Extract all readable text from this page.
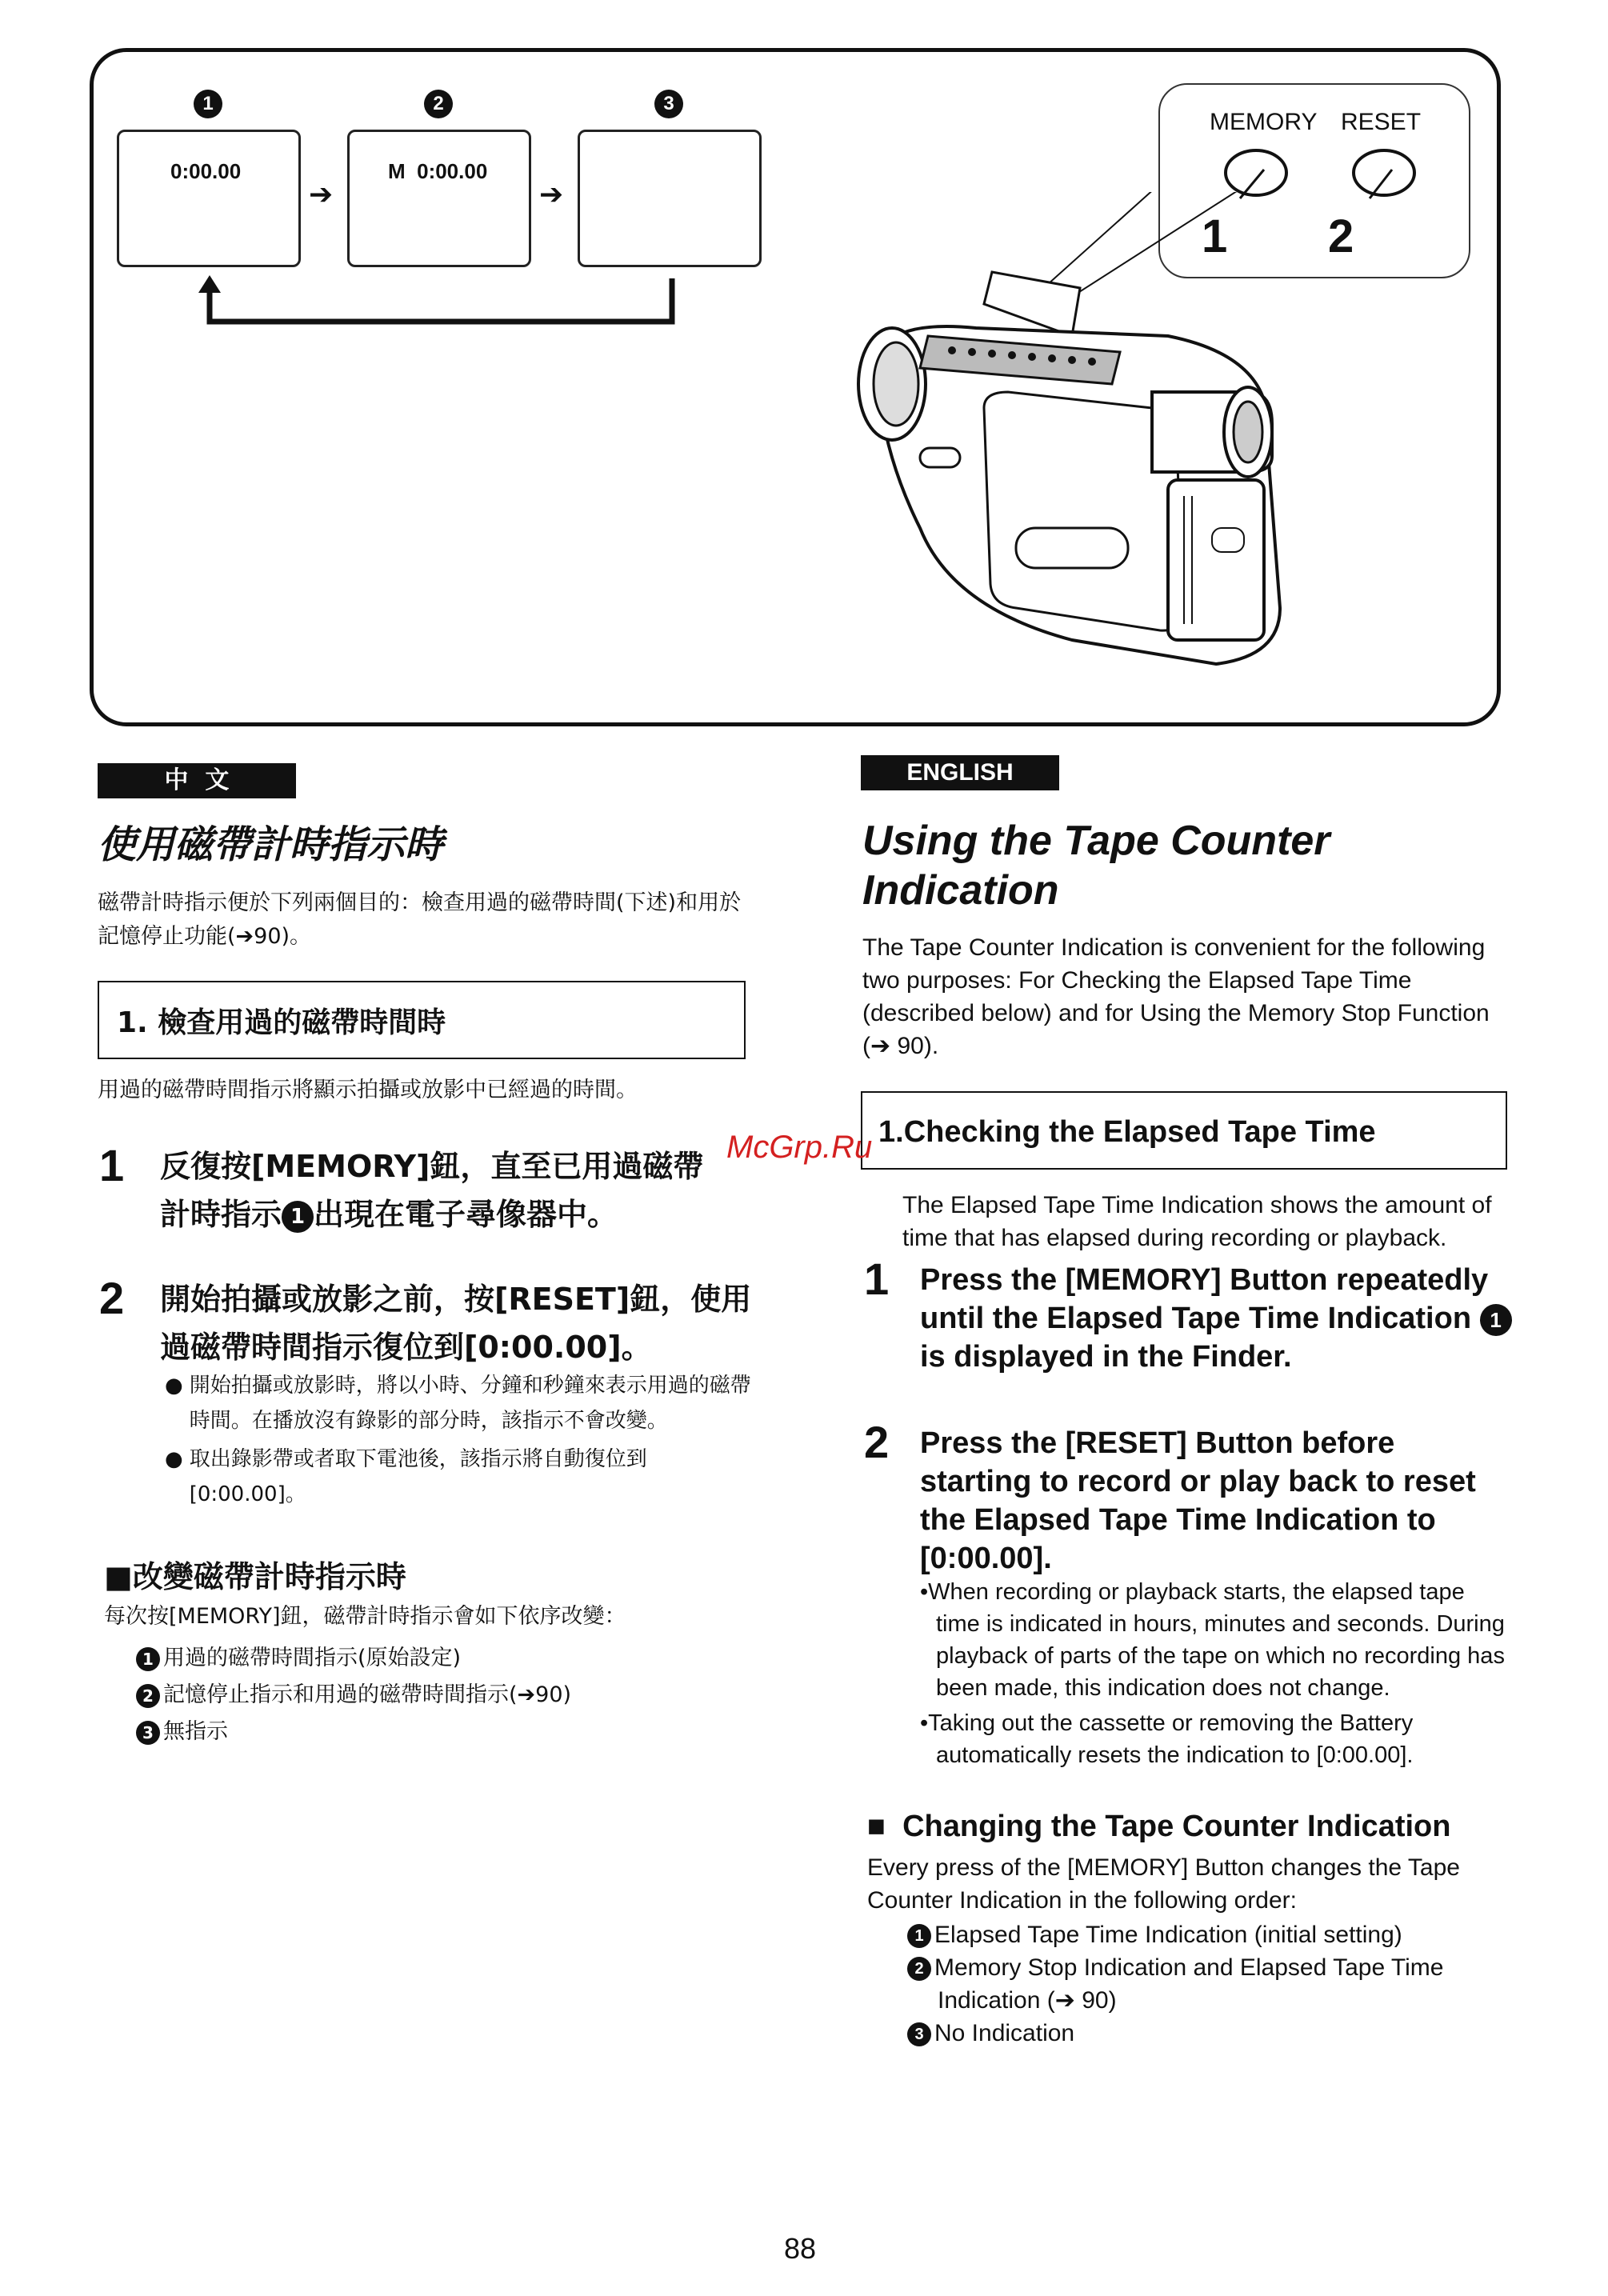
1	2	3
0:00.00
➔
M  0:00.00
➔
MEMORY RESET
1 2
中  文
使用磁帶計時指示時
磁帶計時指示便於下列兩個目的：檢查用過的磁帶時間(下述)和用於記憶停止功能(➔90)。
1. 檢查用過的磁帶時間時
用過的磁帶時間指示將顯示拍攝或放影中已經過的時間。
1 反復按[MEMORY]鈕，直至已用過磁帶
計時指示 1 出現在電子尋像器中。
2 開始拍攝或放影之前，按[RESET]鈕，使用過磁帶時間指示復位到[0:00.00]。
● 開始拍攝或放影時，將以小時、分鐘和秒鐘來表示用過的磁帶時間。在播放沒有錄影的部分時，該指示不會改變。
● 取出錄影帶或者取下電池後，該指示將自動復位到[0:00.00]。
■改變磁帶計時指示時
每次按[MEMORY]鈕，磁帶計時指示會如下依序改變：
1 用過的磁帶時間指示(原始設定)
2 記憶停止指示和用過的磁帶時間指示(➔90)
3 無指示
ENGLISH
Using the Tape Counter
Indication
The Tape Counter Indication is convenient for the following two purposes: For Checking the Elapsed Tape Time (described below) and for Using the Memory Stop Function (➔ 90).
1.Checking the Elapsed Tape Time
The Elapsed Tape Time Indication shows the amount of time that has elapsed during recording or playback.
1 Press the [MEMORY] Button repeatedly until the Elapsed Tape Time Indication 1 is displayed in the Finder.
2 Press the [RESET] Button before starting to record or play back to reset the Elapsed Tape Time Indication to [0:00.00].
•When recording or playback starts, the elapsed tape time is indicated in hours, minutes and seconds. During playback of parts of the tape on which no recording has been made, this indication does not change.
•Taking out the cassette or removing the Battery automatically resets the indication to [0:00.00].
■  Changing the Tape Counter Indication
Every press of the [MEMORY] Button changes the Tape Counter Indication in the following order:
1 Elapsed Tape Time Indication (initial setting)
2 Memory Stop Indication and Elapsed Tape Time Indication (➔ 90)
3 No Indication
McGrp.Ru
88
